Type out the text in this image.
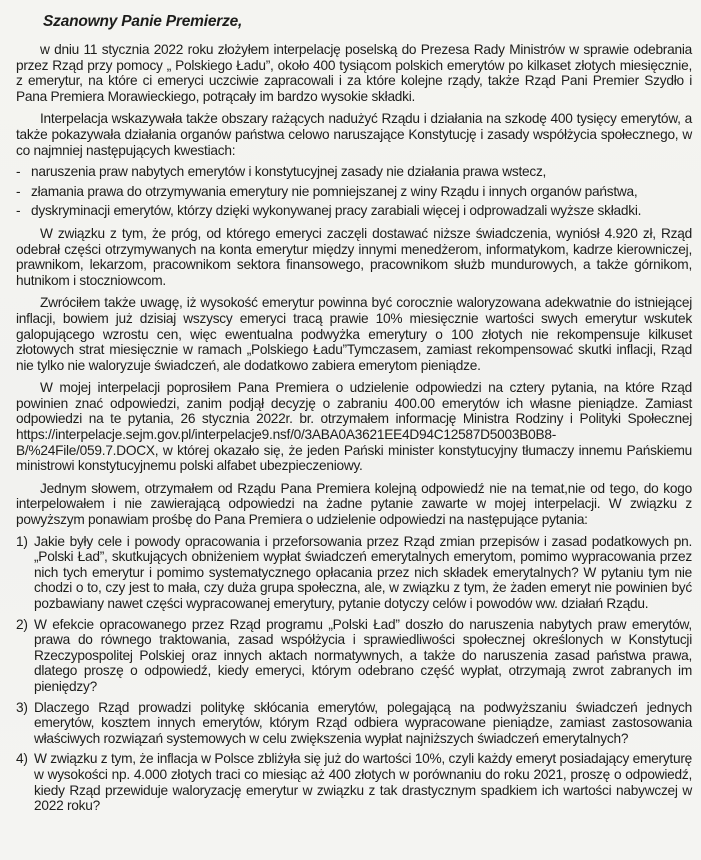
Szanowny Panie Premierze,

w dniu 11 stycznia 2022 roku złożyłem interpelację poselską do Prezesa Rady Ministrów w sprawie odebrania przez Rząd przy pomocy „ Polskiego Ładu”, około 400 tysiącom polskich emerytów po kilkaset złotych miesięcznie, z emerytur, na które ci emeryci uczciwie zapracowali i za które kolejne rządy, także Rząd Pani Premier Szydło i Pana Premiera Morawieckiego, potrącały im bardzo wysokie składki.

Interpelacja wskazywała także obszary rażących nadużyć Rządu i działania na szkodę 400 tysięcy emerytów, a także pokazywała działania organów państwa celowo naruszające Konstytucję i zasady współżycia społecznego, w co najmniej następujących kwestiach:

- naruszenia praw nabytych emerytów i konstytucyjnej zasady nie działania prawa wstecz,
- złamania prawa do otrzymywania emerytury nie pomniejszanej z winy Rządu i innych organów państwa,
- dyskryminacji emerytów, którzy dzięki wykonywanej pracy zarabiali więcej i odprowadzali wyższe składki.

W związku z tym, że próg, od którego emeryci zaczęli dostawać niższe świadczenia, wyniósł 4.920 zł, Rząd odebrał części otrzymywanych na konta emerytur między innymi menedżerom, informatykom, kadrze kierowniczej, prawnikom, lekarzom, pracownikom sektora finansowego, pracownikom służb mundurowych, a także górnikom, hutnikom i stoczniowcom.

Zwróciłem także uwagę, iż wysokość emerytur powinna być corocznie waloryzowana adekwatnie do istniejącej inflacji, bowiem już dzisiaj wszyscy emeryci tracą prawie 10% miesięcznie wartości swych emerytur wskutek galopującego wzrostu cen, więc ewentualna podwyżka emerytury o 100 złotych nie rekompensuje kilkuset złotowych strat miesięcznie w ramach „Polskiego Ładu”Tymczasem, zamiast rekompensować skutki inflacji, Rząd nie tylko nie waloryzuje świadczeń, ale dodatkowo zabiera emerytom pieniądze.

W mojej interpelacji poprosiłem Pana Premiera o udzielenie odpowiedzi na cztery pytania, na które Rząd powinien znać odpowiedzi, zanim podjął decyzję o zabraniu 400.00 emerytów ich własne pieniądze. Zamiast odpowiedzi na te pytania, 26 stycznia 2022r. br. otrzymałem informację Ministra Rodziny i Polityki Społecznej https://interpelacje.sejm.gov.pl/interpelacje9.nsf/0/3ABA0A3621EE4D94C12587D5003B0B8-B/%24File/059.7.DOCX, w której okazało się, że jeden Pański minister konstytucyjny tłumaczy innemu Pańskiemu ministrowi konstytucyjnemu polski alfabet ubezpieczeniowy.

Jednym słowem, otrzymałem od Rządu Pana Premiera kolejną odpowiedź nie na temat,nie od tego, do kogo interpelowałem i nie zawierającą odpowiedzi na żadne pytanie zawarte w mojej interpelacji. W związku z powyższym ponawiam prośbę do Pana Premiera o udzielenie odpowiedzi na następujące pytania:

1) Jakie były cele i powody opracowania i przeforsowania przez Rząd zmian przepisów i zasad podatkowych pn. „Polski Ład”, skutkujących obniżeniem wypłat świadczeń emerytalnych emerytom, pomimo wypracowania przez nich tych emerytur i pomimo systematycznego opłacania przez nich składek emerytalnych? W pytaniu tym nie chodzi o to, czy jest to mała, czy duża grupa społeczna, ale, w związku z tym, że żaden emeryt nie powinien być pozbawiany nawet części wypracowanej emerytury, pytanie dotyczy celów i powodów ww. działań Rządu.
2) W efekcie opracowanego przez Rząd programu „Polski Ład” doszło do naruszenia nabytych praw emerytów, prawa do równego traktowania, zasad współżycia i sprawiedliwości społecznej określonych w Konstytucji Rzeczypospolitej Polskiej oraz innych aktach normatywnych, a także do naruszenia zasad państwa prawa, dlatego proszę o odpowiedź, kiedy emeryci, którym odebrano część wypłat, otrzymają zwrot zabranych im pieniędzy?
3) Dlaczego Rząd prowadzi politykę skłócania emerytów, polegającą na podwyższaniu świadczeń jednych emerytów, kosztem innych emerytów, którym Rząd odbiera wypracowane pieniądze, zamiast zastosowania właściwych rozwiązań systemowych w celu zwiększenia wypłat najniższych świadczeń emerytalnych?
4) W związku z tym, że inflacja w Polsce zbliżyła się już do wartości 10%, czyli każdy emeryt posiadający emeryturę w wysokości np. 4.000 złotych traci co miesiąc aż 400 złotych w porównaniu do roku 2021, proszę o odpowiedź, kiedy Rząd przewiduje waloryzację emerytur w związku z tak drastycznym spadkiem ich wartości nabywczej w 2022 roku?
